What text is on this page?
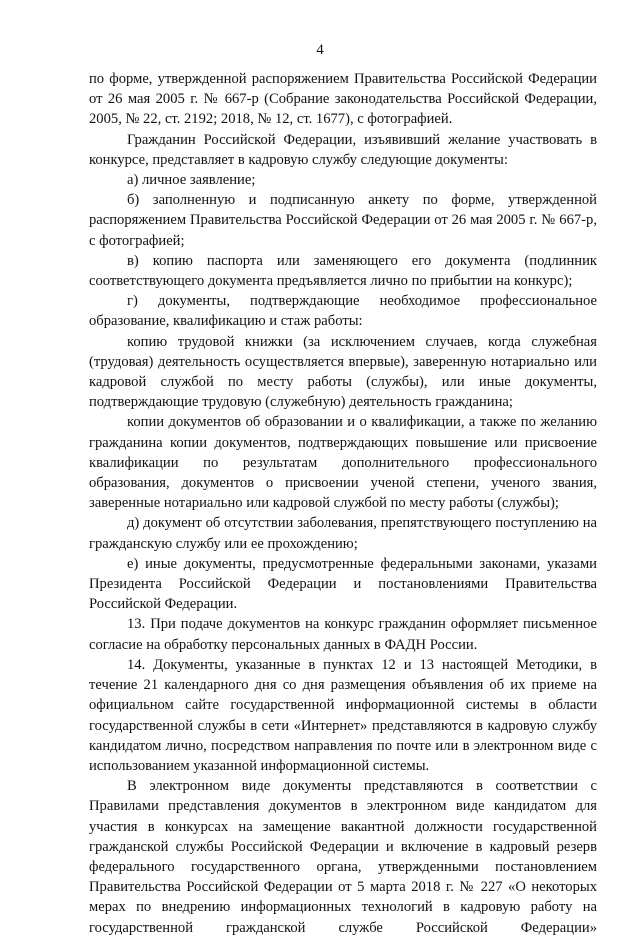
4

по форме, утвержденной распоряжением Правительства Российской Федерации от 26 мая 2005 г. № 667-р (Собрание законодательства Российской Федерации, 2005, № 22, ст. 2192; 2018, № 12, ст. 1677), с фотографией.

Гражданин Российской Федерации, изъявивший желание участвовать в конкурсе, представляет в кадровую службу следующие документы:

а) личное заявление;

б) заполненную и подписанную анкету по форме, утвержденной распоряжением Правительства Российской Федерации от 26 мая 2005 г. № 667-р, с фотографией;

в) копию паспорта или заменяющего его документа (подлинник соответствующего документа предъявляется лично по прибытии на конкурс);

г) документы, подтверждающие необходимое профессиональное образование, квалификацию и стаж работы:

копию трудовой книжки (за исключением случаев, когда служебная (трудовая) деятельность осуществляется впервые), заверенную нотариально или кадровой службой по месту работы (службы), или иные документы, подтверждающие трудовую (служебную) деятельность гражданина;

копии документов об образовании и о квалификации, а также по желанию гражданина копии документов, подтверждающих повышение или присвоение квалификации по результатам дополнительного профессионального образования, документов о присвоении ученой степени, ученого звания, заверенные нотариально или кадровой службой по месту работы (службы);

д) документ об отсутствии заболевания, препятствующего поступлению на гражданскую службу или ее прохождению;

е) иные документы, предусмотренные федеральными законами, указами Президента Российской Федерации и постановлениями Правительства Российской Федерации.

13. При подаче документов на конкурс гражданин оформляет письменное согласие на обработку персональных данных в ФАДН России.

14. Документы, указанные в пунктах 12 и 13 настоящей Методики, в течение 21 календарного дня со дня размещения объявления об их приеме на официальном сайте государственной информационной системы в области государственной службы в сети «Интернет» представляются в кадровую службу кандидатом лично, посредством направления по почте или в электронном виде с использованием указанной информационной системы.

В электронном виде документы представляются в соответствии с Правилами представления документов в электронном виде кандидатом для участия в конкурсах на замещение вакантной должности государственной гражданской службы Российской Федерации и включение в кадровый резерв федерального государственного органа, утвержденными постановлением Правительства Российской Федерации от 5 марта 2018 г. № 227 «О некоторых мерах по внедрению информационных технологий в кадровую работу на государственной гражданской службе Российской Федерации»
